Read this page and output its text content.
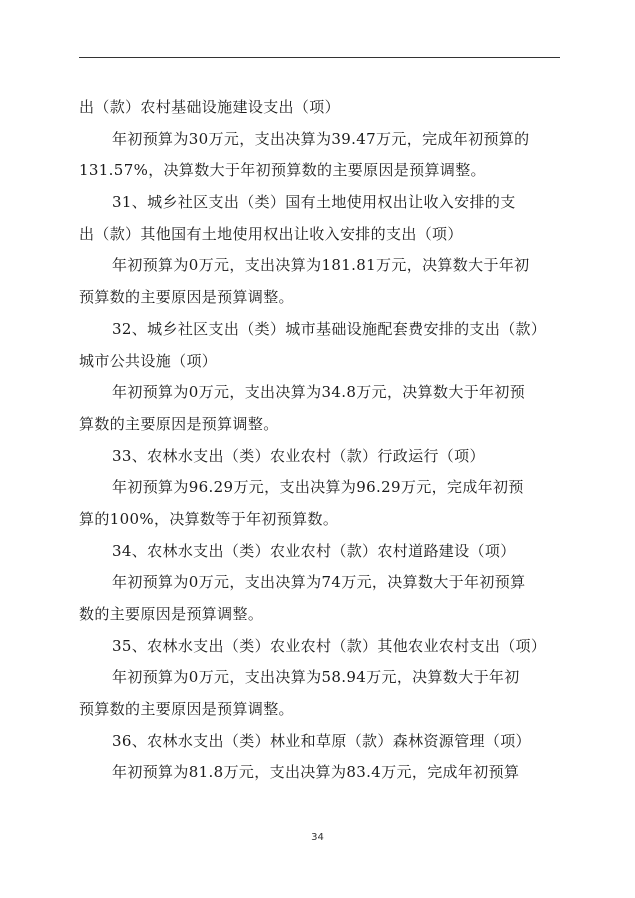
出（款）农村基础设施建设支出（项）
年初预算为30万元，支出决算为39.47万元，完成年初预算的
131.57%，决算数大于年初预算数的主要原因是预算调整。
31、城乡社区支出（类）国有土地使用权出让收入安排的支
出（款）其他国有土地使用权出让收入安排的支出（项）
年初预算为0万元，支出决算为181.81万元，决算数大于年初
预算数的主要原因是预算调整。
32、城乡社区支出（类）城市基础设施配套费安排的支出（款）
城市公共设施（项）
年初预算为0万元，支出决算为34.8万元，决算数大于年初预
算数的主要原因是预算调整。
33、农林水支出（类）农业农村（款）行政运行（项）
年初预算为96.29万元，支出决算为96.29万元，完成年初预
算的100%，决算数等于年初预算数。
34、农林水支出（类）农业农村（款）农村道路建设（项）
年初预算为0万元，支出决算为74万元，决算数大于年初预算
数的主要原因是预算调整。
35、农林水支出（类）农业农村（款）其他农业农村支出（项）
年初预算为0万元，支出决算为58.94万元，决算数大于年初
预算数的主要原因是预算调整。
36、农林水支出（类）林业和草原（款）森林资源管理（项）
年初预算为81.8万元，支出决算为83.4万元，完成年初预算
34
